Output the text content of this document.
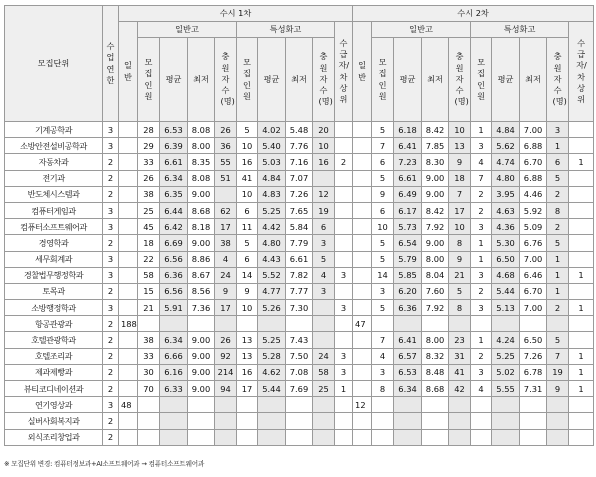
모집단위	수업연한	수시 1차										수시 2차									

		일반	일반고				특성화고				수급자/차상위	일반	일반고				특성화고				수급자/차상위

			모집인원	평균	최저	충원자수(명)	모집인원	평균	최저	충원자수(명)			모집인원	평균	최저	충원자수(명)	모집인원	평균	최저	충원자수(명)	

기계공학과	3		28	6.53	8.08	26	5	4.02	5.48	20			5	6.18	8.42	10	1	4.84	7.00	3	
소방안전설비공학과	3		29	6.39	8.00	36	10	5.40	7.76	10			7	6.41	7.85	13	3	5.62	6.88	1	
자동차과	2		33	6.61	8.35	55	16	5.03	7.16	16	2		6	7.23	8.30	9	4	4.74	6.70	6	1
전기과	2		26	6.34	8.08	51	41	4.84	7.07				5	6.61	9.00	18	7	4.80	6.88	5	
반도체시스템과	2		38	6.35	9.00		10	4.83	7.26	12			9	6.49	9.00	7	2	3.95	4.46	2	
컴퓨터게임과	3		25	6.44	8.68	62	6	5.25	7.65	19			6	6.17	8.42	17	2	4.63	5.92	8	
컴퓨터소프트웨어과	3		45	6.42	8.18	17	11	4.42	5.84	6			10	5.73	7.92	10	3	4.36	5.09	2	
경영학과	2		18	6.69	9.00	38	5	4.80	7.79	3			5	6.54	9.00	8	1	5.30	6.76	5	
세무회계과	3		22	6.56	8.86	4	6	4.43	6.61	5			5	5.79	8.00	9	1	6.50	7.00	1	
경찰법무행정학과	3		58	6.36	8.67	24	14	5.52	7.82	4	3		14	5.85	8.04	21	3	4.68	6.46	1	1
토목과	2		15	6.56	8.56	9	9	4.77	7.77	3			3	6.20	7.60	5	2	5.44	6.70	1	
소방행정학과	3		21	5.91	7.36	17	10	5.26	7.30		3		5	6.36	7.92	8	3	5.13	7.00	2	1
항공관광과	2	188										47									
호텔관광학과	2		38	6.34	9.00	26	13	5.25	7.43				7	6.41	8.00	23	1	4.24	6.50	5	
호텔조리과	2		33	6.66	9.00	92	13	5.28	7.50	24	3		4	6.57	8.32	31	2	5.25	7.26	7	1
제과제빵과	2		30	6.16	9.00	214	16	4.62	7.08	58	3		3	6.53	8.48	41	3	5.02	6.78	19	1
뷰티코디네이션과	2		70	6.33	9.00	94	17	5.44	7.69	25	1		8	6.34	8.68	42	4	5.55	7.31	9	1
연기영상과	3	48										12									
실버사회복지과	2																				
외식조리창업과	2																				
※ 모집단위 변경: 컴퓨터정보과+AI소프트웨어과 → 컴퓨터소프트웨어과
